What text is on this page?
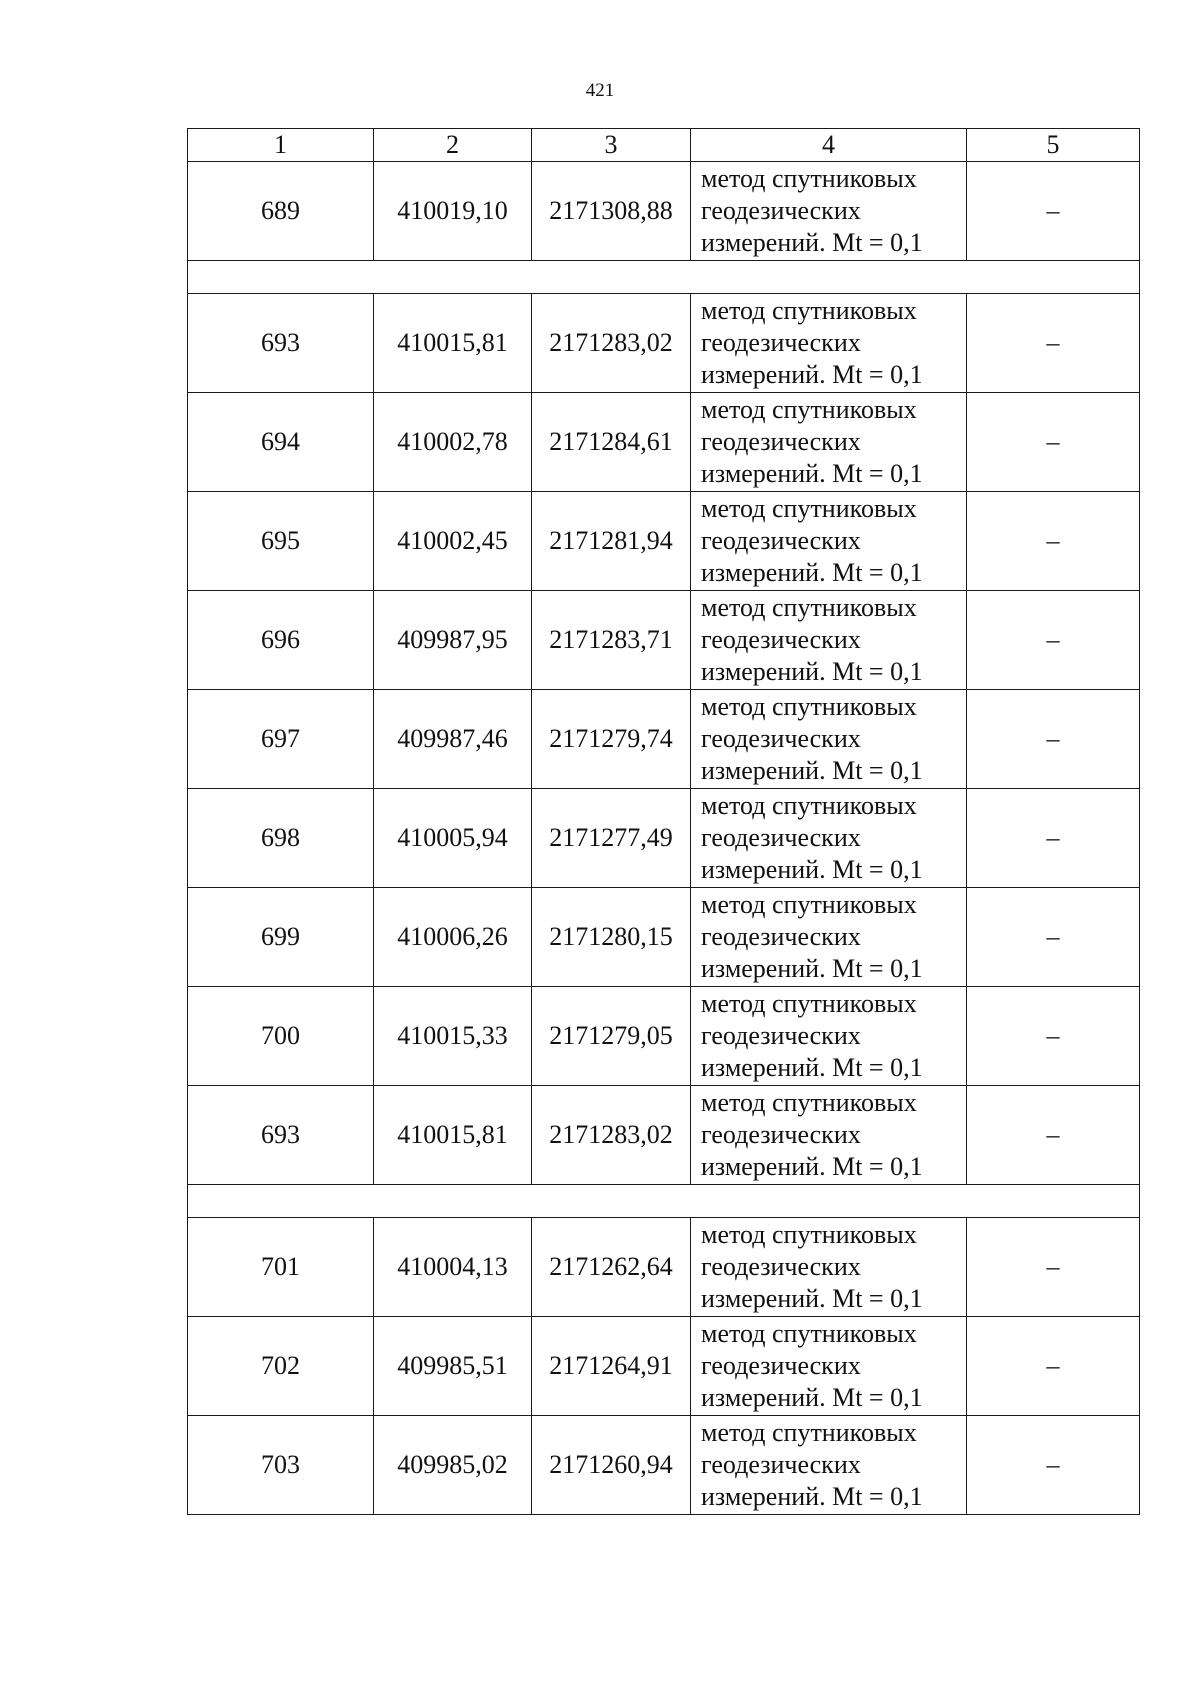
421
1	2	3	4	5
689	410019,10	2171308,88	метод спутниковых
геодезических
измерений. Mt = 0,1	–

693	410015,81	2171283,02	метод спутниковых
геодезических
измерений. Mt = 0,1	–
694	410002,78	2171284,61	метод спутниковых
геодезических
измерений. Mt = 0,1	–
695	410002,45	2171281,94	метод спутниковых
геодезических
измерений. Mt = 0,1	–
696	409987,95	2171283,71	метод спутниковых
геодезических
измерений. Mt = 0,1	–
697	409987,46	2171279,74	метод спутниковых
геодезических
измерений. Mt = 0,1	–
698	410005,94	2171277,49	метод спутниковых
геодезических
измерений. Mt = 0,1	–
699	410006,26	2171280,15	метод спутниковых
геодезических
измерений. Mt = 0,1	–
700	410015,33	2171279,05	метод спутниковых
геодезических
измерений. Mt = 0,1	–
693	410015,81	2171283,02	метод спутниковых
геодезических
измерений. Mt = 0,1	–

701	410004,13	2171262,64	метод спутниковых
геодезических
измерений. Mt = 0,1	–
702	409985,51	2171264,91	метод спутниковых
геодезических
измерений. Mt = 0,1	–
703	409985,02	2171260,94	метод спутниковых
геодезических
измерений. Mt = 0,1	–
